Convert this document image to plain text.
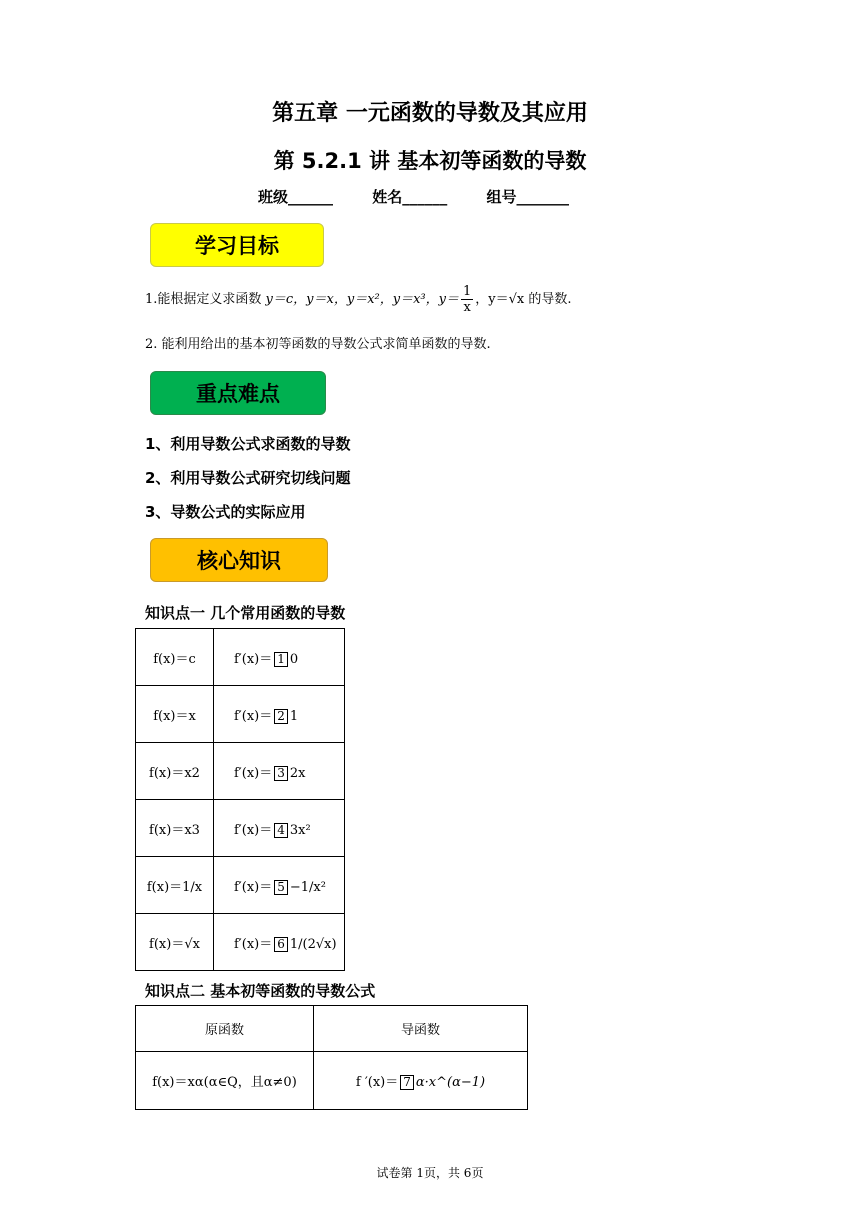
第五章 一元函数的导数及其应用
第 5.2.1 讲 基本初等函数的导数
班级______	姓名______	组号_______
学习目标
1.能根据定义求函数 y＝c，y＝x，y＝x²，y＝x³，$y= \frac{1}{x}$ ，y＝√x 的导数.
2. 能利用给出的基本初等函数的导数公式求简单函数的导数.
重点难点
1、利用导数公式求函数的导数
2、利用导数公式研究切线问题
3、导数公式的实际应用
核心知识
知识点一 几个常用函数的导数
f(x)＝c	f′(x)＝ 1 0
f(x)＝x	f′(x)＝ 2 1
f(x)＝x2	f′(x)＝ 3 2x
f(x)＝x3	f′(x)＝ 4 3x²
f(x)＝1/x	f′(x)＝ 5 −1/x²
f(x)＝√x	f′(x)＝ 6 1/(2√x)
知识点二 基本初等函数的导数公式
原函数	导函数
f(x)＝xα(α∈Q，且α≠0)	f ′(x)＝ 7 α·x^(α−1)
试卷第 1页，共 6页
